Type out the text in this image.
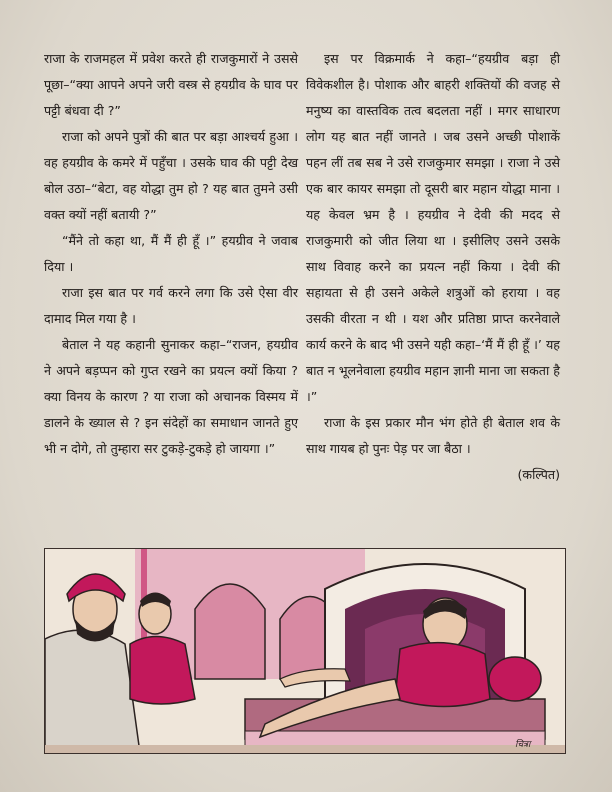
राजा के राजमहल में प्रवेश करते ही राजकुमारों ने उससे पूछा–“क्या आपने अपने जरी वस्त्र से हयग्रीव के घाव पर पट्टी बंधवा दी ?”

राजा को अपने पुत्रों की बात पर बड़ा आश्चर्य हुआ । वह हयग्रीव के कमरे में पहुँचा । उसके घाव की पट्टी देख बोल उठा–“बेटा, वह योद्धा तुम हो ? यह बात तुमने उसी वक्त क्यों नहीं बतायी ?”

“मैंने तो कहा था, मैं मैं ही हूँ ।” हयग्रीव ने जवाब दिया ।

राजा इस बात पर गर्व करने लगा कि उसे ऐसा वीर दामाद मिल गया है ।

बेताल ने यह कहानी सुनाकर कहा–“राजन, हयग्रीव ने अपने बड़प्पन को गुप्त रखने का प्रयत्न क्यों किया ? क्या विनय के कारण ? या राजा को अचानक विस्मय में डालने के ख्याल से ? इन संदेहों का समाधान जानते हुए भी न दोगे, तो तुम्हारा सर टुकड़े-टुकड़े हो जायगा ।”

इस पर विक्रमार्क ने कहा–“हयग्रीव बड़ा ही विवेकशील है। पोशाक और बाहरी शक्तियों की वजह से मनुष्य का वास्तविक तत्व बदलता नहीं । मगर साधारण लोग यह बात नहीं जानते । जब उसने अच्छी पोशाकें पहन लीं तब सब ने उसे राजकुमार समझा । राजा ने उसे एक बार कायर समझा तो दूसरी बार महान योद्धा माना । यह केवल भ्रम है । हयग्रीव ने देवी की मदद से राजकुमारी को जीत लिया था । इसीलिए उसने उसके साथ विवाह करने का प्रयत्न नहीं किया । देवी की सहायता से ही उसने अकेले शत्रुओं को हराया । वह उसकी वीरता न थी । यश और प्रतिष्ठा प्राप्त करनेवाले कार्य करने के बाद भी उसने यही कहा–‘मैं मैं ही हूँ ।’ यह बात न भूलनेवाला हयग्रीव महान ज्ञानी माना जा सकता है ।”

राजा के इस प्रकार मौन भंग होते ही बेताल शव के साथ गायब हो पुनः पेड़ पर जा बैठा ।

(कल्पित)
चित्रा
